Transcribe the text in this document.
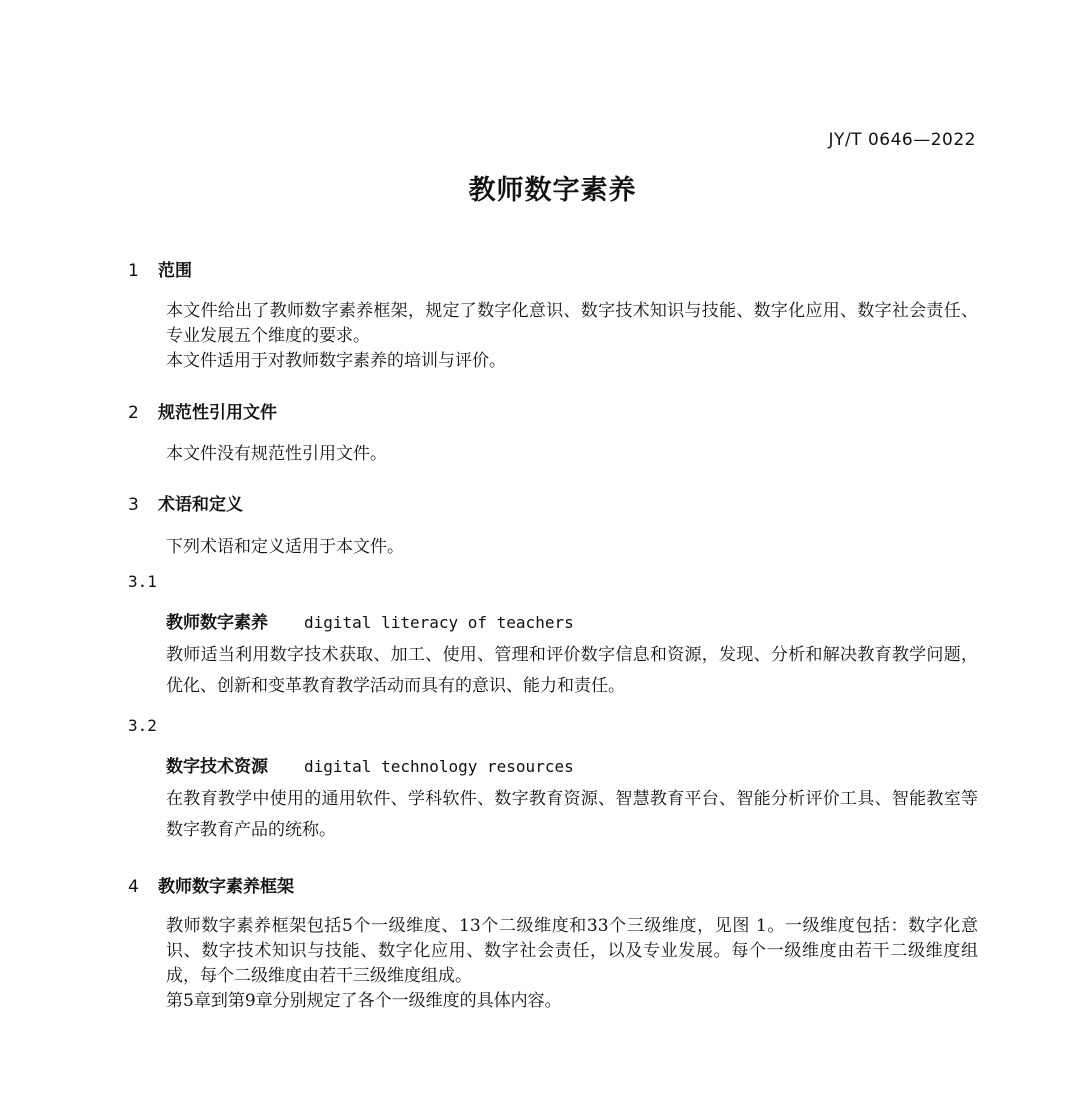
JY/T 0646—2022
教师数字素养
1 范围
本文件给出了教师数字素养框架，规定了数字化意识、数字技术知识与技能、数字化应用、数字社会责任、专业发展五个维度的要求。
本文件适用于对教师数字素养的培训与评价。
2 规范性引用文件
本文件没有规范性引用文件。
3 术语和定义
下列术语和定义适用于本文件。
3.1
教师数字素养 digital literacy of teachers
教师适当利用数字技术获取、加工、使用、管理和评价数字信息和资源，发现、分析和解决教育教学问题，优化、创新和变革教育教学活动而具有的意识、能力和责任。
3.2
数字技术资源 digital technology resources
在教育教学中使用的通用软件、学科软件、数字教育资源、智慧教育平台、智能分析评价工具、智能教室等数字教育产品的统称。
4 教师数字素养框架
教师数字素养框架包括5个一级维度、13个二级维度和33个三级维度，见图 1。一级维度包括：数字化意识、数字技术知识与技能、数字化应用、数字社会责任，以及专业发展。每个一级维度由若干二级维度组成，每个二级维度由若干三级维度组成。
第5章到第9章分别规定了各个一级维度的具体内容。
